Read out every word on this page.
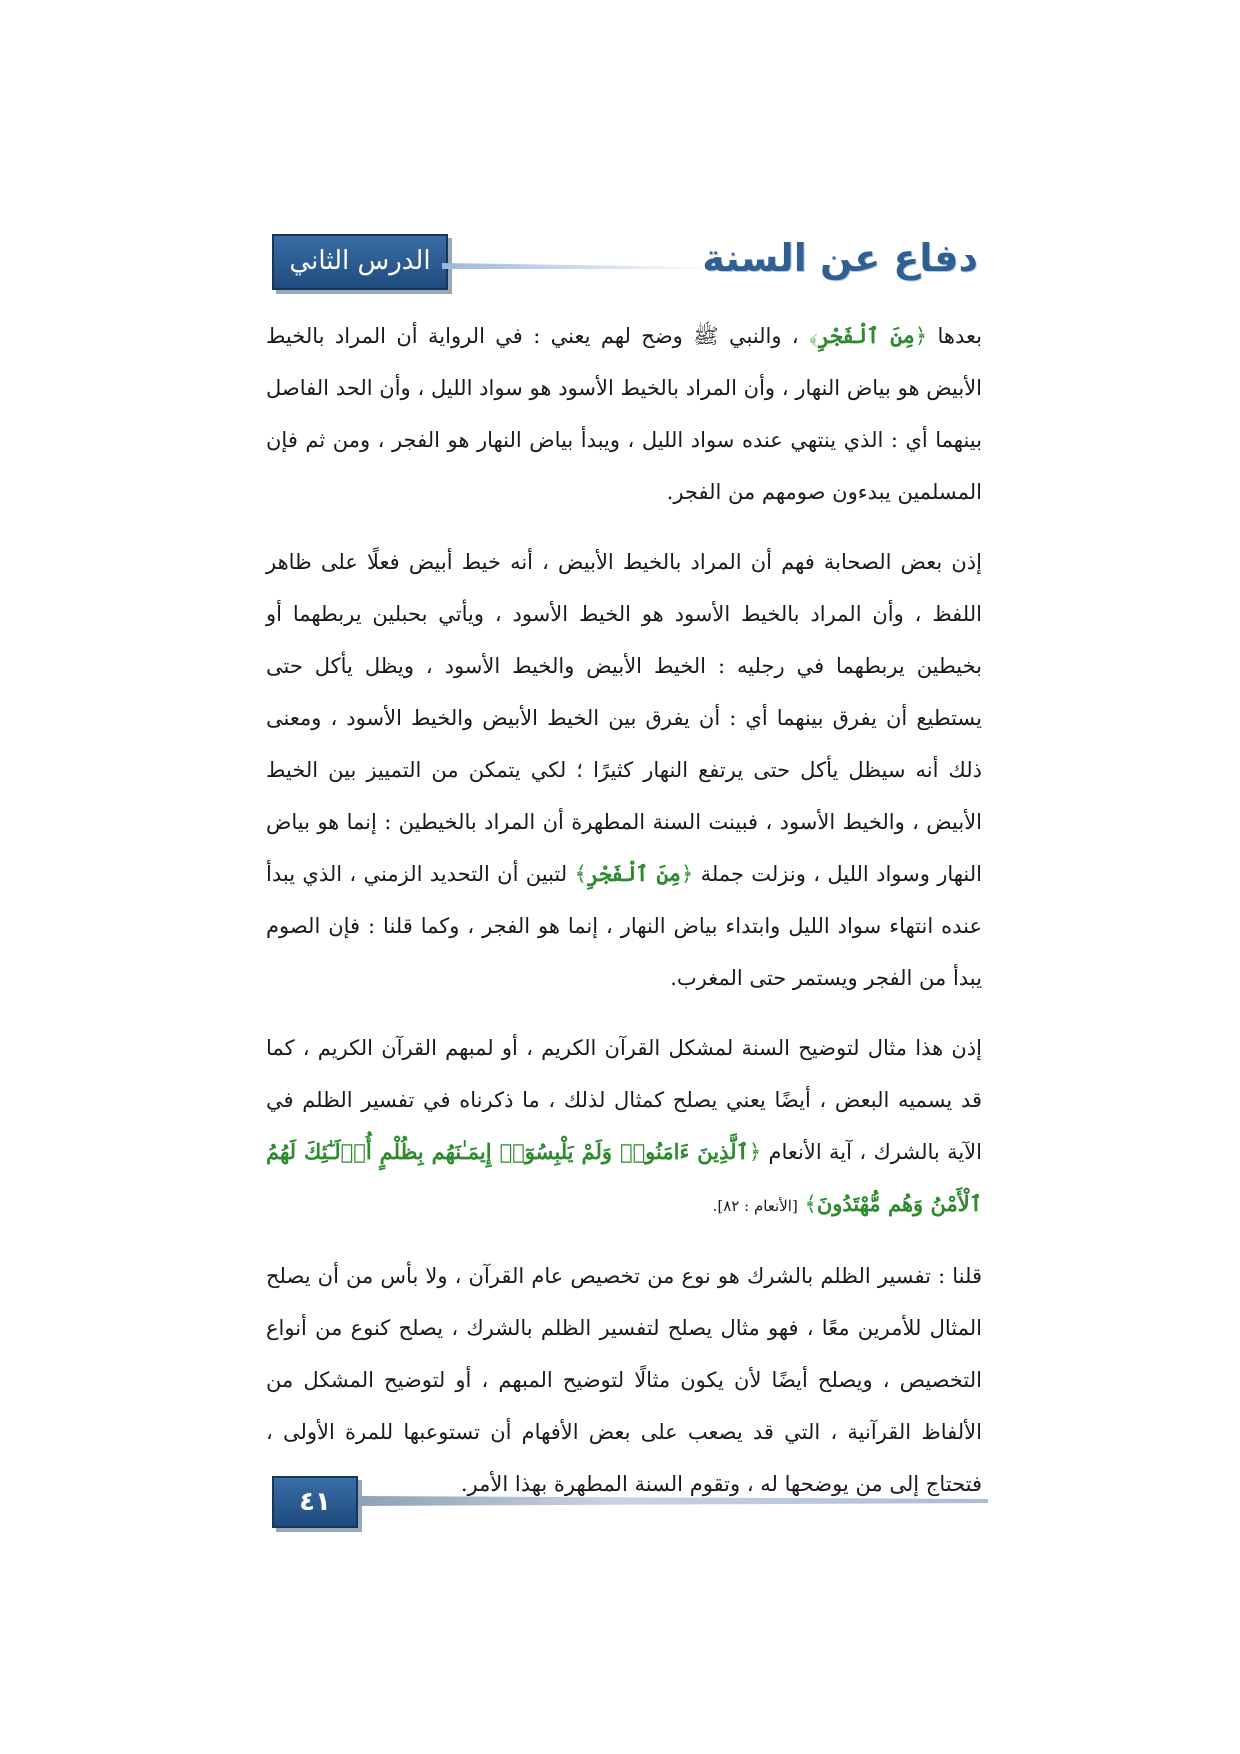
الدرس الثاني	دفاع عن السنة

بعدها ﴿مِنَ ٱلْفَجْرِ﴾ ، والنبي ﷺ وضح لهم يعني : في الرواية أن المراد بالخيط الأبيض هو بياض النهار ، وأن المراد بالخيط الأسود هو سواد الليل ، وأن الحد الفاصل بينهما أي : الذي ينتهي عنده سواد الليل ، ويبدأ بياض النهار هو الفجر ، ومن ثم فإن المسلمين يبدءون صومهم من الفجر.

إذن بعض الصحابة فهم أن المراد بالخيط الأبيض ، أنه خيط أبيض فعلًا على ظاهر اللفظ ، وأن المراد بالخيط الأسود هو الخيط الأسود ، ويأتي بحبلين يربطهما أو بخيطين يربطهما في رجليه : الخيط الأبيض والخيط الأسود ، ويظل يأكل حتى يستطيع أن يفرق بينهما أي : أن يفرق بين الخيط الأبيض والخيط الأسود ، ومعنى ذلك أنه سيظل يأكل حتى يرتفع النهار كثيرًا ؛ لكي يتمكن من التمييز بين الخيط الأبيض ، والخيط الأسود ، فبينت السنة المطهرة أن المراد بالخيطين : إنما هو بياض النهار وسواد الليل ، ونزلت جملة ﴿مِنَ ٱلْفَجْرِ﴾ لتبين أن التحديد الزمني ، الذي يبدأ عنده انتهاء سواد الليل وابتداء بياض النهار ، إنما هو الفجر ، وكما قلنا : فإن الصوم يبدأ من الفجر ويستمر حتى المغرب.

إذن هذا مثال لتوضيح السنة لمشكل القرآن الكريم ، أو لمبهم القرآن الكريم ، كما قد يسميه البعض ، أيضًا يعني يصلح كمثال لذلك ، ما ذكرناه في تفسير الظلم في الآية بالشرك ، آية الأنعام ﴿ٱلَّذِينَ ءَامَنُوا۟ وَلَمْ يَلْبِسُوٓا۟ إِيمَـٰنَهُم بِظُلْمٍ أُو۟لَـٰٓئِكَ لَهُمُ ٱلْأَمْنُ وَهُم مُّهْتَدُونَ﴾ [الأنعام : ٨٢].

قلنا : تفسير الظلم بالشرك هو نوع من تخصيص عام القرآن ، ولا بأس من أن يصلح المثال للأمرين معًا ، فهو مثال يصلح لتفسير الظلم بالشرك ، يصلح كنوع من أنواع التخصيص ، ويصلح أيضًا لأن يكون مثالًا لتوضيح المبهم ، أو لتوضيح المشكل من الألفاظ القرآنية ، التي قد يصعب على بعض الأفهام أن تستوعبها للمرة الأولى ، فتحتاج إلى من يوضحها له ، وتقوم السنة المطهرة بهذا الأمر.

٤١
